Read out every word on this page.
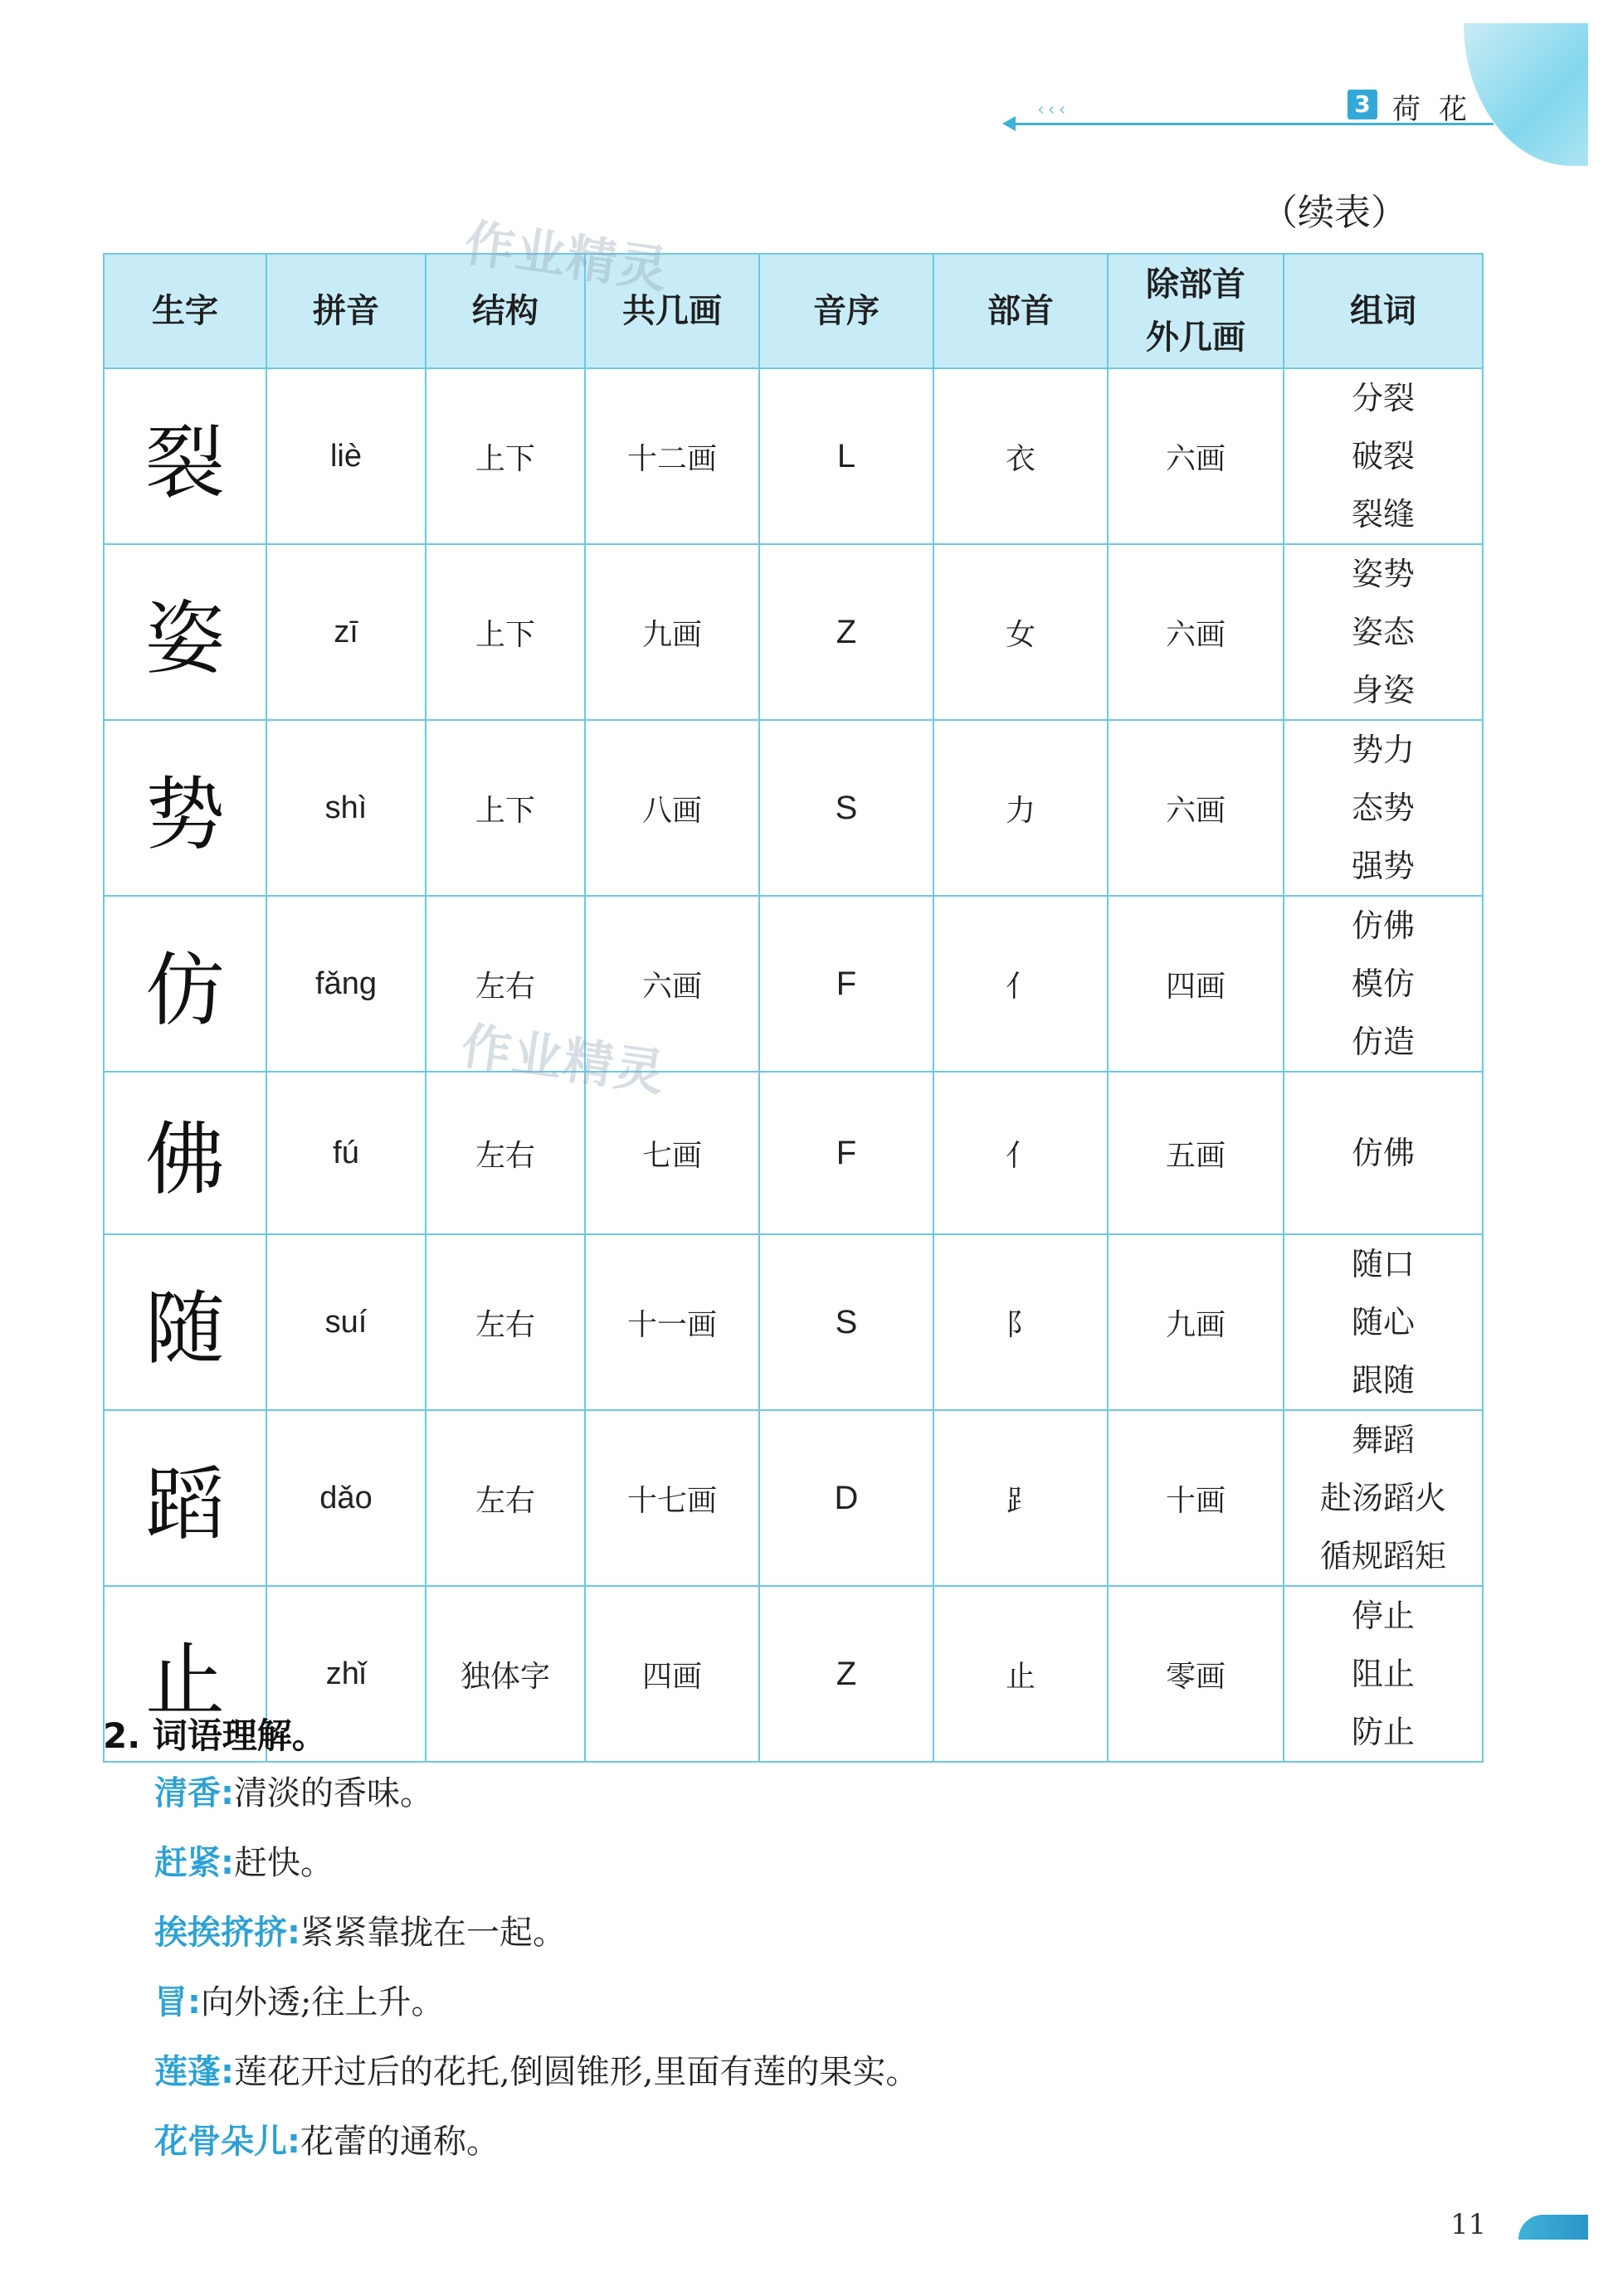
‹‹‹	3 荷花
（续表）
生字	拼音	结构	共几画	音序	部首	除部首外几画	组词
裂	liè	上下	十二画	L	衣	六画	分裂
破裂
裂缝

姿	zī	上下	九画	Z	女	六画	姿势
姿态
身姿

势	shì	上下	八画	S	力	六画	势力
态势
强势

仿	fǎng	左右	六画	F	亻	四画	仿佛
模仿
仿造

佛	fú	左右	七画	F	亻	五画	仿佛

随	suí	左右	十一画	S	阝	九画	随口
随心
跟随

蹈	dǎo	左右	十七画	D	⻊	十画	舞蹈
赴汤蹈火
循规蹈矩

止	zhǐ	独体字	四画	Z	止	零画	停止
阻止
防止
作业精灵
作业精灵
2. 词语理解。
清香:清淡的香味。
赶紧:赶快。
挨挨挤挤:紧紧靠拢在一起。
冒:向外透;往上升。
莲蓬:莲花开过后的花托,倒圆锥形,里面有莲的果实。
花骨朵儿:花蕾的通称。
11
